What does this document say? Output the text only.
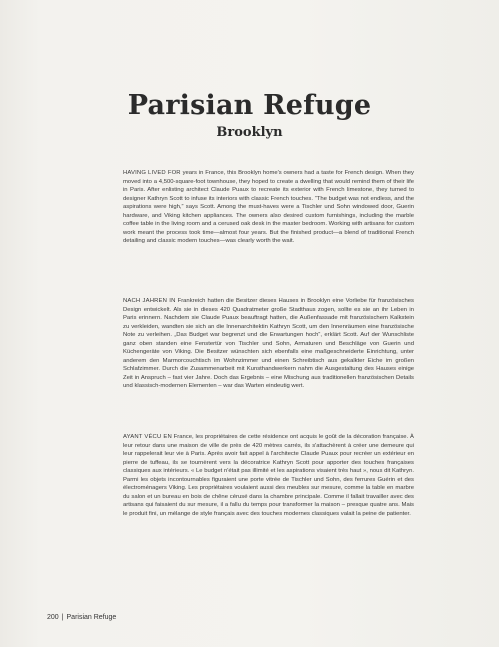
Parisian Refuge
Brooklyn

HAVING LIVED FOR years in France, this Brooklyn home's owners had a taste for French design. When they moved into a 4,500-square-foot townhouse, they hoped to create a dwelling that would remind them of their life in Paris. After enlisting architect Claude Puaux to recreate its exterior with French limestone, they turned to designer Kathryn Scott to infuse its interiors with classic French touches. “The budget was not endless, and the aspirations were high,” says Scott. Among the must-haves were a Tischler und Sohn windowed door, Guerin hardware, and Viking kitchen appliances. The owners also desired custom furnishings, including the marble coffee table in the living room and a cerused oak desk in the master bedroom. Working with artisans for custom work meant the process took time—almost four years. But the finished product—a blend of traditional French detailing and classic modern touches—was clearly worth the wait.

NACH JAHREN IN Frankreich hatten die Besitzer dieses Hauses in Brooklyn eine Vorliebe für französisches Design entwickelt. Als sie in dieses 420 Quadratmeter große Stadthaus zogen, sollte es sie an ihr Leben in Paris erinnern. Nachdem sie Claude Puaux beauftragt hatten, die Außenfassade mit französischem Kalkstein zu verkleiden, wandten sie sich an die Innenarchitektin Kathryn Scott, um den Innenräumen eine französische Note zu verleihen. „Das Budget war begrenzt und die Erwartungen hoch“, erklärt Scott. Auf der Wunschliste ganz oben standen eine Fenstertür von Tischler und Sohn, Armaturen und Beschläge von Guerin und Küchengeräte von Viking. Die Besitzer wünschten sich ebenfalls eine maßgeschneiderte Einrichtung, unter anderem den Marmorcouchtisch im Wohnzimmer und einen Schreibtisch aus gekalkter Eiche im großen Schlafzimmer. Durch die Zusammenarbeit mit Kunsthandwerkern nahm die Ausgestaltung des Hauses einige Zeit in Anspruch – fast vier Jahre. Doch das Ergebnis – eine Mischung aus traditionellen französischen Details und klassisch-modernen Elementen – war das Warten eindeutig wert.

AYANT VÉCU EN France, les propriétaires de cette résidence ont acquis le goût de la décoration française. À leur retour dans une maison de ville de près de 420 mètres carrés, ils s'attachèrent à créer une demeure qui leur rappelerait leur vie à Paris. Après avoir fait appel à l'architecte Claude Puaux pour recréer un extérieur en pierre de tuffeau, ils se tournèrent vers la décoratrice Kathryn Scott pour apporter des touches françaises classiques aux intérieurs. « Le budget n'était pas illimité et les aspirations visaient très haut », nous dit Kathryn. Parmi les objets incontournables figuraient une porte vitrée de Tischler und Sohn, des ferrures Guérin et des électroménagers Viking. Les propriétaires voulaient aussi des meubles sur mesure, comme la table en marbre du salon et un bureau en bois de chêne cérusé dans la chambre principale. Comme il fallait travailler avec des artisans qui faisaient du sur mesure, il a fallu du temps pour transformer la maison – presque quatre ans. Mais le produit fini, un mélange de style français avec des touches modernes classiques valait la peine de patienter.

200 | Parisian Refuge
